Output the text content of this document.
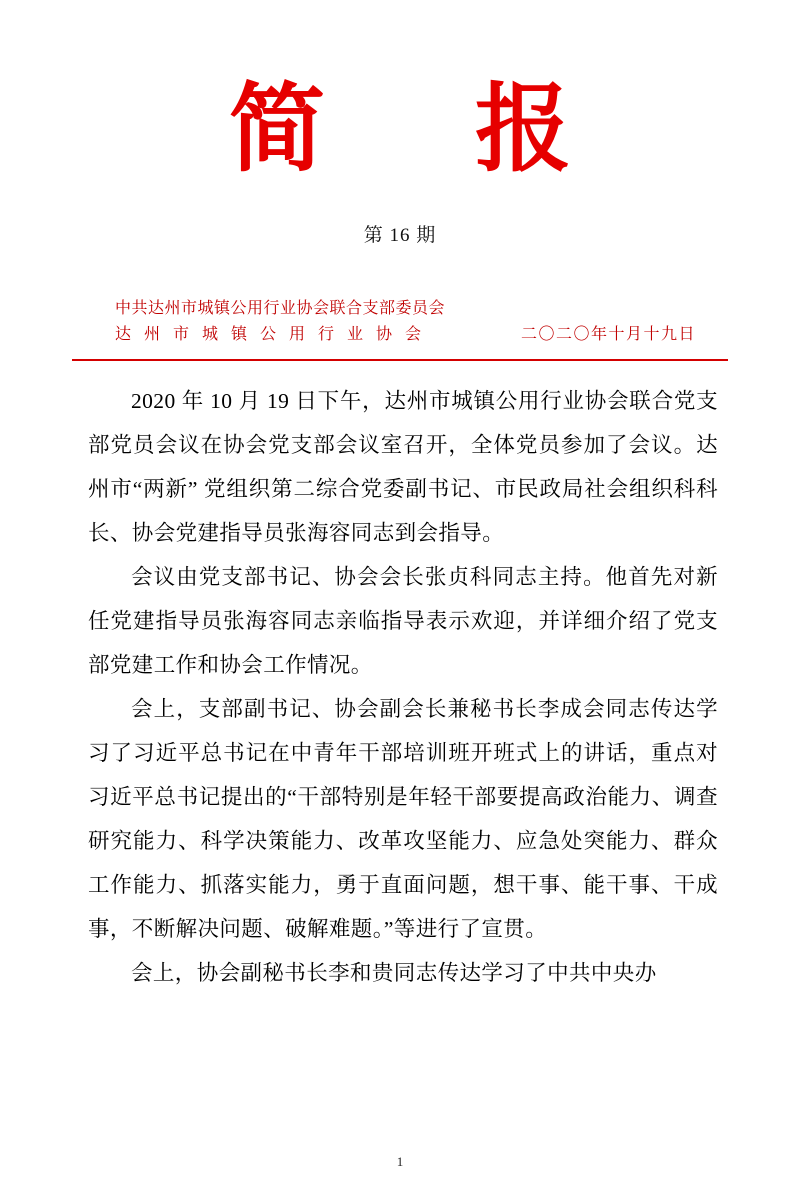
简 报
第 16 期
中共达州市城镇公用行业协会联合支部委员会
达 州 市 城 镇 公 用 行 业 协 会	二〇二〇年十月十九日

2020 年 10 月 19 日下午，达州市城镇公用行业协会联合党支部党员会议在协会党支部会议室召开，全体党员参加了会议。达州市“两新” 党组织第二综合党委副书记、市民政局社会组织科科长、协会党建指导员张海容同志到会指导。

会议由党支部书记、协会会长张贞科同志主持。他首先对新任党建指导员张海容同志亲临指导表示欢迎，并详细介绍了党支部党建工作和协会工作情况。

会上，支部副书记、协会副会长兼秘书长李成会同志传达学习了习近平总书记在中青年干部培训班开班式上的讲话，重点对习近平总书记提出的“干部特别是年轻干部要提高政治能力、调查研究能力、科学决策能力、改革攻坚能力、应急处突能力、群众工作能力、抓落实能力，勇于直面问题，想干事、能干事、干成事，不断解决问题、破解难题。”等进行了宣贯。

会上，协会副秘书长李和贵同志传达学习了中共中央办

1
